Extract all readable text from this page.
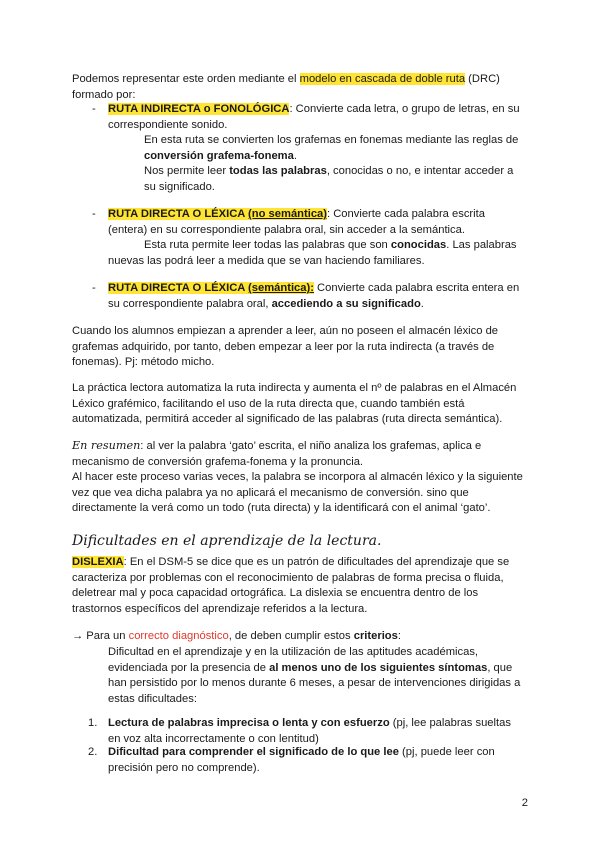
Podemos representar este orden mediante el modelo en cascada de doble ruta (DRC) formado por:
- RUTA INDIRECTA o FONOLÓGICA: Convierte cada letra, o grupo de letras, en su correspondiente sonido.
En esta ruta se convierten los grafemas en fonemas mediante las reglas de conversión grafema-fonema.
Nos permite leer todas las palabras, conocidas o no, e intentar acceder a su significado.
- RUTA DIRECTA O LÉXICA (no semántica): Convierte cada palabra escrita (entera) en su correspondiente palabra oral, sin acceder a la semántica.
Esta ruta permite leer todas las palabras que son conocidas. Las palabras nuevas las podrá leer a medida que se van haciendo familiares.
- RUTA DIRECTA O LÉXICA (semántica): Convierte cada palabra escrita entera en su correspondiente palabra oral, accediendo a su significado.
Cuando los alumnos empiezan a aprender a leer, aún no poseen el almacén léxico de grafemas adquirido, por tanto, deben empezar a leer por la ruta indirecta (a través de fonemas). Pj: método micho.
La práctica lectora automatiza la ruta indirecta y aumenta el nº de palabras en el Almacén Léxico grafémico, facilitando el uso de la ruta directa que, cuando también está automatizada, permitirá acceder al significado de las palabras (ruta directa semántica).
En resumen: al ver la palabra ‘gato’ escrita, el niño analiza los grafemas, aplica e mecanismo de conversión grafema-fonema y la pronuncia.
Al hacer este proceso varias veces, la palabra se incorpora al almacén léxico y la siguiente vez que vea dicha palabra ya no aplicará el mecanismo de conversión. sino que directamente la verá como un todo (ruta directa) y la identificará con el animal ‘gato’.
Dificultades en el aprendizaje de la lectura.
DISLEXIA: En el DSM-5 se dice que es un patrón de dificultades del aprendizaje que se caracteriza por problemas con el reconocimiento de palabras de forma precisa o fluida, deletrear mal y poca capacidad ortográfica. La dislexia se encuentra dentro de los trastornos específicos del aprendizaje referidos a la lectura.
→ Para un correcto diagnóstico, de deben cumplir estos criterios:
Dificultad en el aprendizaje y en la utilización de las aptitudes académicas, evidenciada por la presencia de al menos uno de los siguientes síntomas, que han persistido por lo menos durante 6 meses, a pesar de intervenciones dirigidas a estas dificultades:
1. Lectura de palabras imprecisa o lenta y con esfuerzo (pj, lee palabras sueltas en voz alta incorrectamente o con lentitud)
2. Dificultad para comprender el significado de lo que lee (pj, puede leer con precisión pero no comprende).
2
